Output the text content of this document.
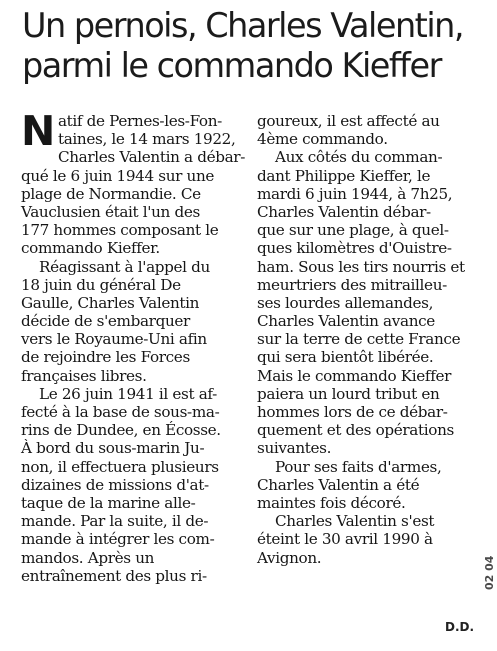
Un pernois, Charles Valentin,
parmi le commando Kieffer
N atif de Pernes-les-Fon-
taines, le 14 mars 1922,
Charles Valentin a débar-
qué le 6 juin 1944 sur une
plage de Normandie. Ce
Vauclusien était l'un des
177 hommes composant le
commando Kieffer.
Réagissant à l'appel du
18 juin du général De
Gaulle, Charles Valentin
décide de s'embarquer
vers le Royaume-Uni afin
de rejoindre les Forces
françaises libres.
Le 26 juin 1941 il est af-
fecté à la base de sous-ma-
rins de Dundee, en Écosse.
À bord du sous-marin Ju-
non, il effectuera plusieurs
dizaines de missions d'at-
taque de la marine alle-
mande. Par la suite, il de-
mande à intégrer les com-
mandos. Après un
entraînement des plus ri-
goureux, il est affecté au
4ème commando.
Aux côtés du comman-
dant Philippe Kieffer, le
mardi 6 juin 1944, à 7h25,
Charles Valentin débar-
que sur une plage, à quel-
ques kilomètres d'Ouistre-
ham. Sous les tirs nourris et
meurtriers des mitrailleu-
ses lourdes allemandes,
Charles Valentin avance
sur la terre de cette France
qui sera bientôt libérée.
Mais le commando Kieffer
paiera un lourd tribut en
hommes lors de ce débar-
quement et des opérations
suivantes.
Pour ses faits d'armes,
Charles Valentin a été
maintes fois décoré.
Charles Valentin s'est
éteint le 30 avril 1990 à
Avignon.
D.D.
02 04
